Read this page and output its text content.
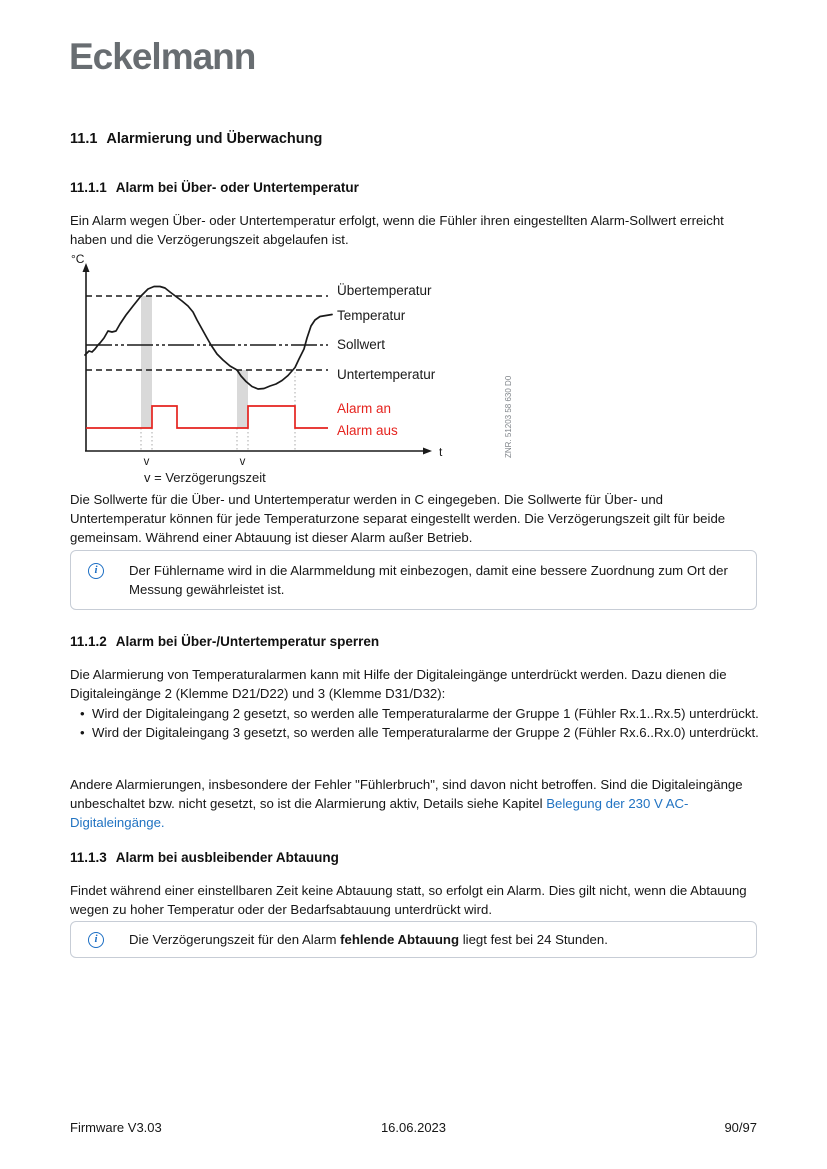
Eckelmann
11.1 Alarmierung und Überwachung
11.1.1 Alarm bei Über- oder Untertemperatur

Ein Alarm wegen Über- oder Untertemperatur erfolgt, wenn die Fühler ihren eingestellten Alarm-Sollwert erreicht haben und die Verzögerungszeit abgelaufen ist.

°C
t
Übertemperatur
Temperatur
Sollwert
Untertemperatur
Alarm an
Alarm aus
v	v
v = Verzögerungszeit
ZNR. 51203 58 630 D0

Die Sollwerte für die Über- und Untertemperatur werden in C eingegeben. Die Sollwerte für Über- und Untertemperatur können für jede Temperaturzone separat eingestellt werden. Die Verzögerungszeit gilt für beide gemeinsam. Während einer Abtauung ist dieser Alarm außer Betrieb.

i	Der Fühlername wird in die Alarmmeldung mit einbezogen, damit eine bessere Zuordnung zum Ort der Messung gewährleistet ist.
11.1.2 Alarm bei Über-/Untertemperatur sperren

Die Alarmierung von Temperaturalarmen kann mit Hilfe der Digitaleingänge unterdrückt werden. Dazu dienen die Digitaleingänge 2 (Klemme D21/D22) und 3 (Klemme D31/D32):

• Wird der Digitaleingang 2 gesetzt, so werden alle Temperaturalarme der Gruppe 1 (Fühler Rx.1..Rx.5) unterdrückt.
• Wird der Digitaleingang 3 gesetzt, so werden alle Temperaturalarme der Gruppe 2 (Fühler Rx.6..Rx.0) unterdrückt.

Andere Alarmierungen, insbesondere der Fehler "Fühlerbruch", sind davon nicht betroffen. Sind die Digitaleingänge unbeschaltet bzw. nicht gesetzt, so ist die Alarmierung aktiv, Details siehe Kapitel Belegung der 230 V AC-Digitaleingänge.

11.1.3 Alarm bei ausbleibender Abtauung

Findet während einer einstellbaren Zeit keine Abtauung statt, so erfolgt ein Alarm. Dies gilt nicht, wenn die Abtauung wegen zu hoher Temperatur oder der Bedarfsabtauung unterdrückt wird.

i	Die Verzögerungszeit für den Alarm fehlende Abtauung liegt fest bei 24 Stunden.
Firmware V3.03	16.06.2023	90/97
